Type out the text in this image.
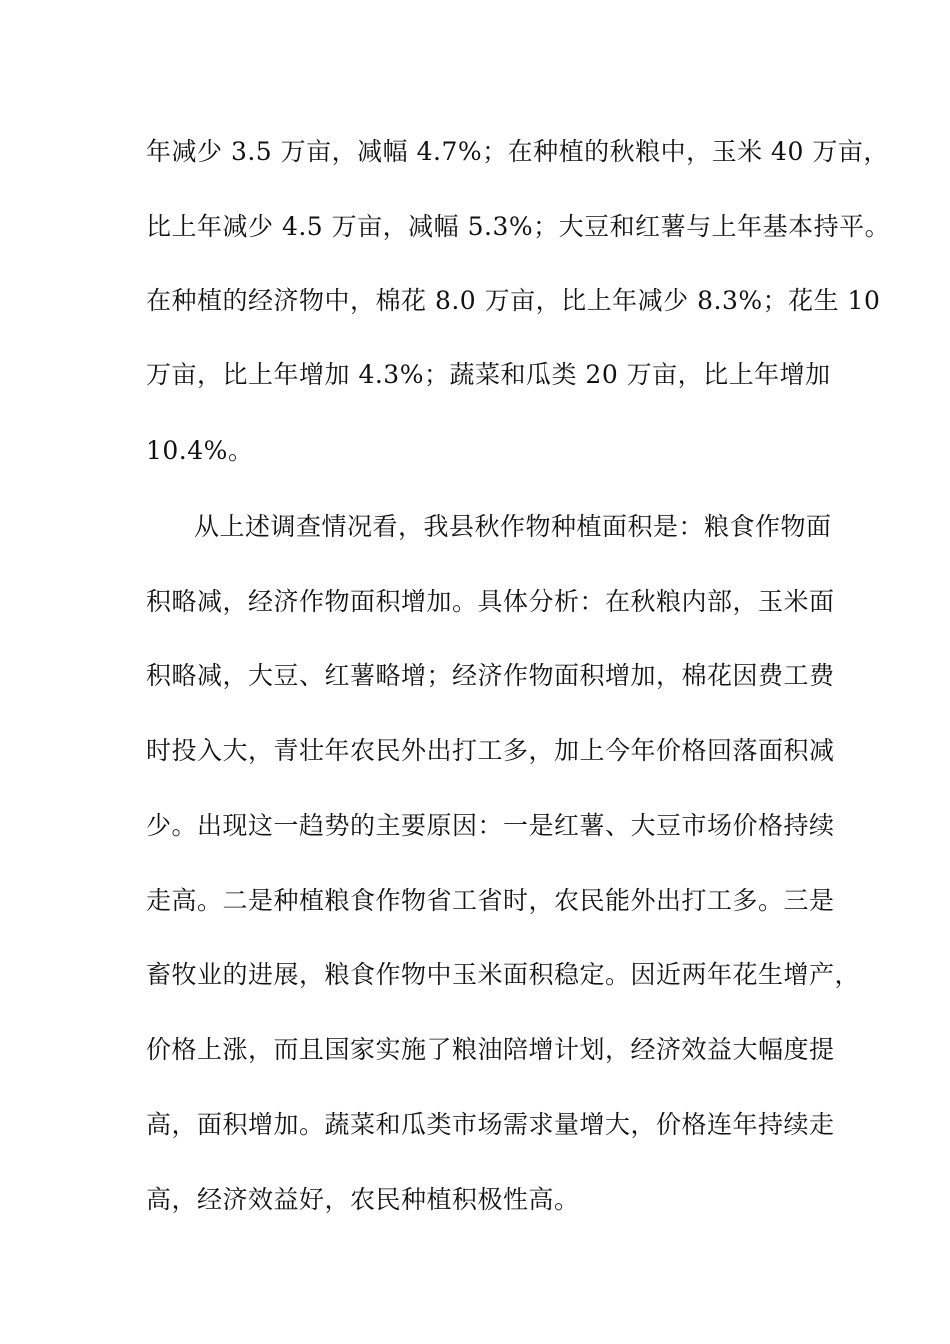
年减少 3.5 万亩，减幅 4.7%；在种植的秋粮中，玉米 40 万亩，
比上年减少 4.5 万亩，减幅 5.3%；大豆和红薯与上年基本持平。
在种植的经济物中，棉花 8.0 万亩，比上年减少 8.3%；花生 10
万亩，比上年增加 4.3%；蔬菜和瓜类 20 万亩，比上年增加
10.4%。
从上述调查情况看，我县秋作物种植面积是：粮食作物面
积略减，经济作物面积增加。具体分析：在秋粮内部，玉米面
积略减，大豆、红薯略增；经济作物面积增加，棉花因费工费
时投入大，青壮年农民外出打工多，加上今年价格回落面积减
少。出现这一趋势的主要原因：一是红薯、大豆市场价格持续
走高。二是种植粮食作物省工省时，农民能外出打工多。三是
畜牧业的进展，粮食作物中玉米面积稳定。因近两年花生增产，
价格上涨，而且国家实施了粮油陪增计划，经济效益大幅度提
高，面积增加。蔬菜和瓜类市场需求量增大，价格连年持续走
高，经济效益好，农民种植积极性高。
